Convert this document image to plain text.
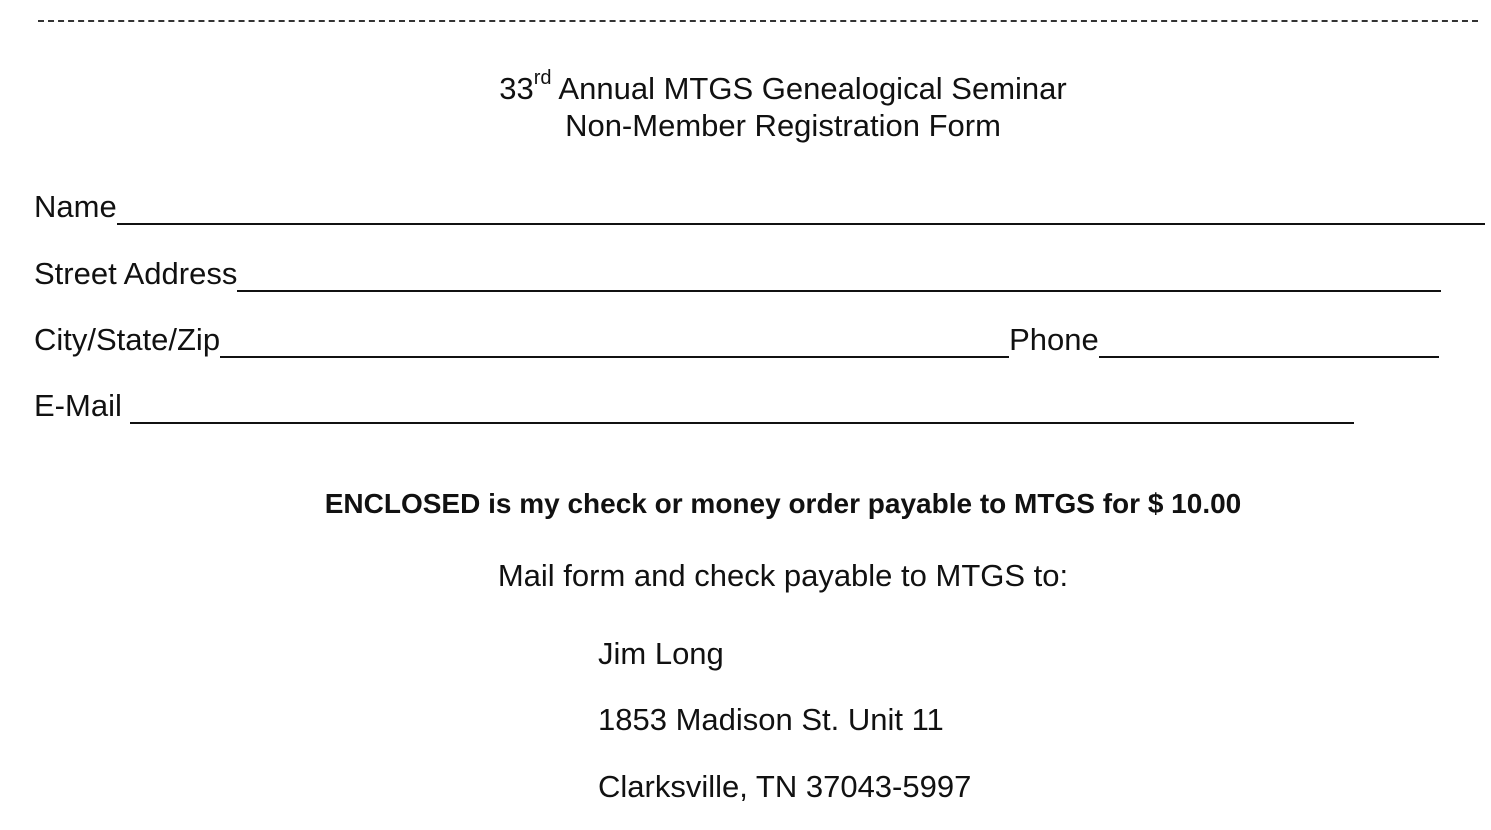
33rd Annual MTGS Genealogical Seminar
Non-Member Registration Form
Name
Street Address
City/State/Zip	Phone
E-Mail
ENCLOSED is my check or money order payable to MTGS for $ 10.00
Mail form and check payable to MTGS to:
Jim Long
1853 Madison St. Unit 11
Clarksville, TN 37043-5997
